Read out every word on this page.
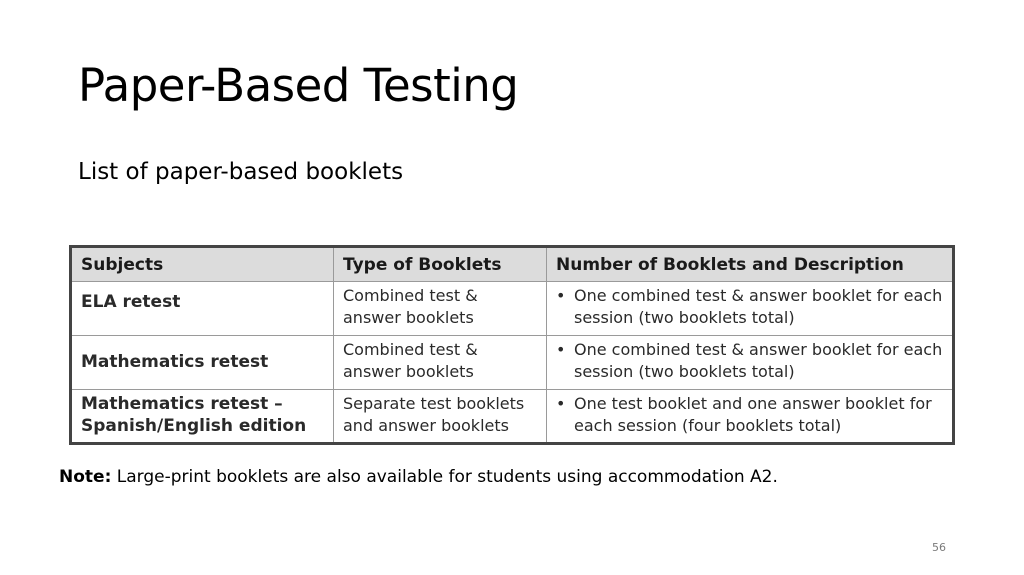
Paper-Based Testing

List of paper-based booklets

Subjects	Type of Booklets	Number of Booklets and Description
ELA retest	Combined test & answer booklets	• One combined test & answer booklet for each session (two booklets total)

Mathematics retest	Combined test & answer booklets	• One combined test & answer booklet for each session (two booklets total)

Mathematics retest – Spanish/English edition	Separate test booklets and answer booklets	• One test booklet and one answer booklet for each session (four booklets total)

Note: Large-print booklets are also available for students using accommodation A2.

56
